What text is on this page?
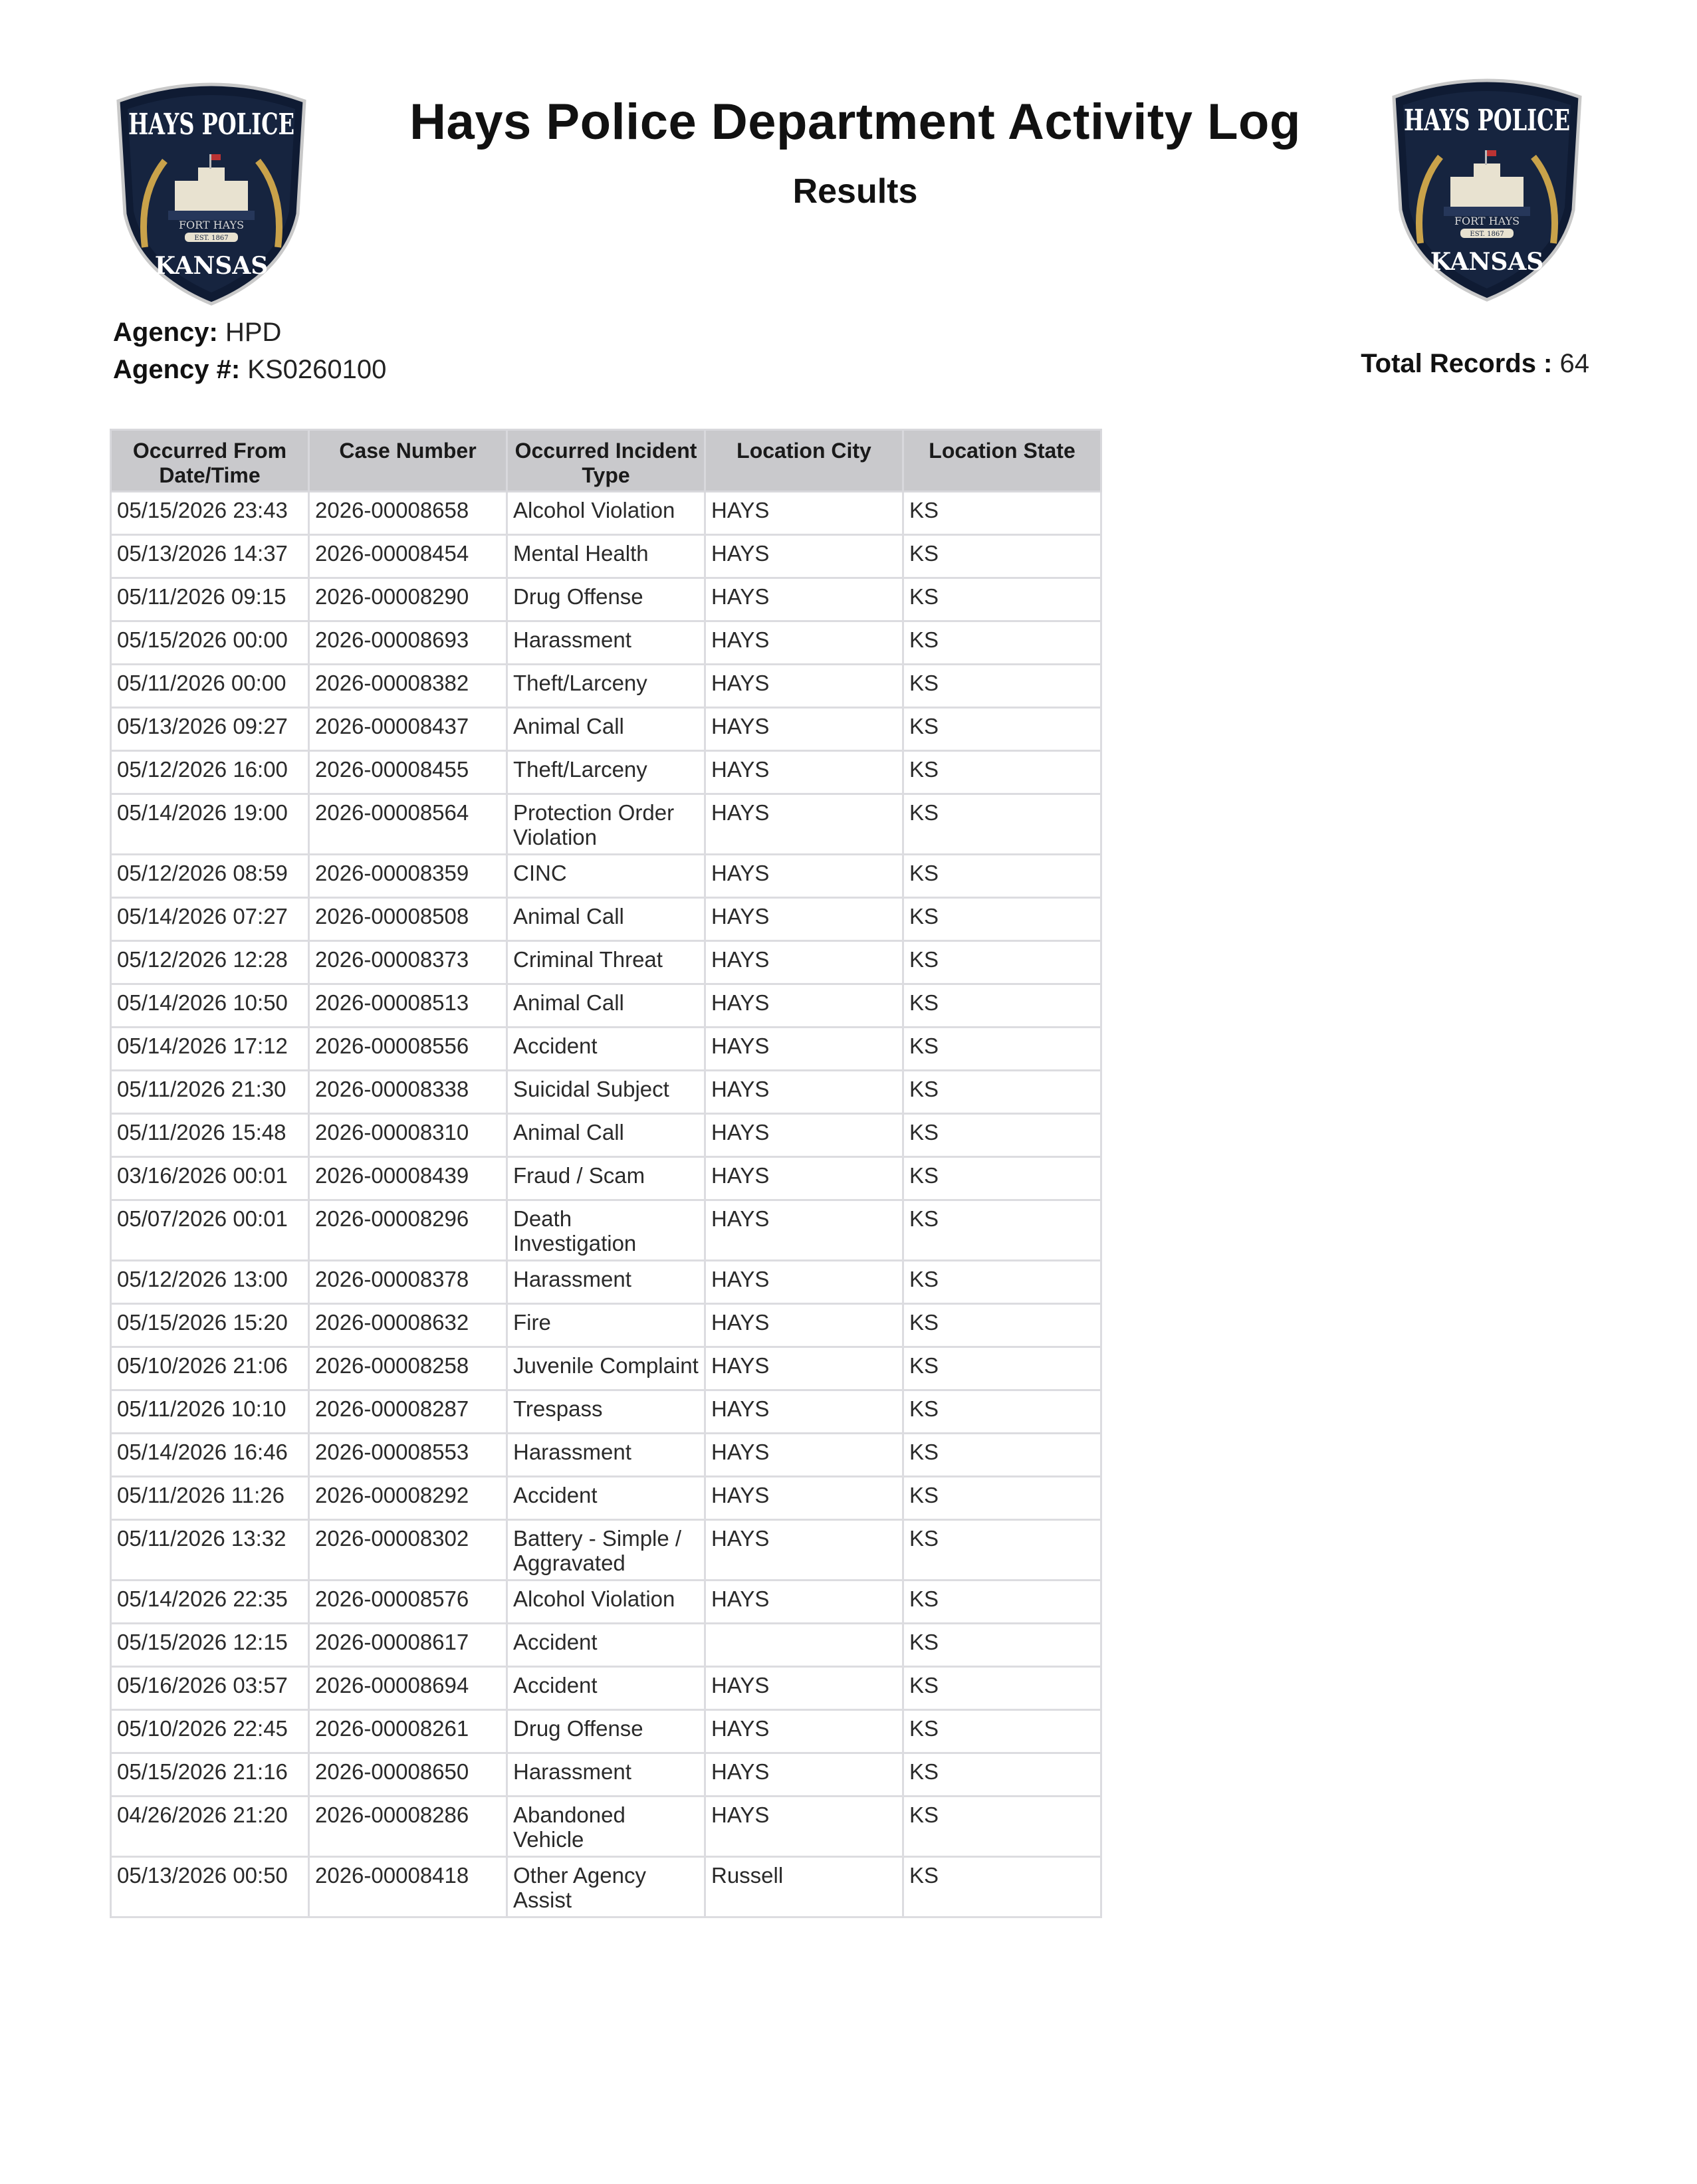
FORT HAYS
EST. 1867
HAYS POLICE
KANSAS
FORT HAYS
EST. 1867
HAYS POLICE
KANSAS
Hays Police Department Activity Log
Results
Agency: HPD
Agency #: KS0260100	Total Records : 64
Occurred From Date/Time	Case Number	Occurred Incident Type	Location City	Location State
05/15/2026 23:43	2026-00008658	Alcohol Violation	HAYS	KS
05/13/2026 14:37	2026-00008454	Mental Health	HAYS	KS
05/11/2026 09:15	2026-00008290	Drug Offense	HAYS	KS
05/15/2026 00:00	2026-00008693	Harassment	HAYS	KS
05/11/2026 00:00	2026-00008382	Theft/Larceny	HAYS	KS
05/13/2026 09:27	2026-00008437	Animal Call	HAYS	KS
05/12/2026 16:00	2026-00008455	Theft/Larceny	HAYS	KS
05/14/2026 19:00	2026-00008564	Protection Order Violation	HAYS	KS
05/12/2026 08:59	2026-00008359	CINC	HAYS	KS
05/14/2026 07:27	2026-00008508	Animal Call	HAYS	KS
05/12/2026 12:28	2026-00008373	Criminal Threat	HAYS	KS
05/14/2026 10:50	2026-00008513	Animal Call	HAYS	KS
05/14/2026 17:12	2026-00008556	Accident	HAYS	KS
05/11/2026 21:30	2026-00008338	Suicidal Subject	HAYS	KS
05/11/2026 15:48	2026-00008310	Animal Call	HAYS	KS
03/16/2026 00:01	2026-00008439	Fraud / Scam	HAYS	KS
05/07/2026 00:01	2026-00008296	Death Investigation	HAYS	KS
05/12/2026 13:00	2026-00008378	Harassment	HAYS	KS
05/15/2026 15:20	2026-00008632	Fire	HAYS	KS
05/10/2026 21:06	2026-00008258	Juvenile Complaint	HAYS	KS
05/11/2026 10:10	2026-00008287	Trespass	HAYS	KS
05/14/2026 16:46	2026-00008553	Harassment	HAYS	KS
05/11/2026 11:26	2026-00008292	Accident	HAYS	KS
05/11/2026 13:32	2026-00008302	Battery - Simple / Aggravated	HAYS	KS
05/14/2026 22:35	2026-00008576	Alcohol Violation	HAYS	KS
05/15/2026 12:15	2026-00008617	Accident		KS
05/16/2026 03:57	2026-00008694	Accident	HAYS	KS
05/10/2026 22:45	2026-00008261	Drug Offense	HAYS	KS
05/15/2026 21:16	2026-00008650	Harassment	HAYS	KS
04/26/2026 21:20	2026-00008286	Abandoned Vehicle	HAYS	KS
05/13/2026 00:50	2026-00008418	Other Agency Assist	Russell	KS
